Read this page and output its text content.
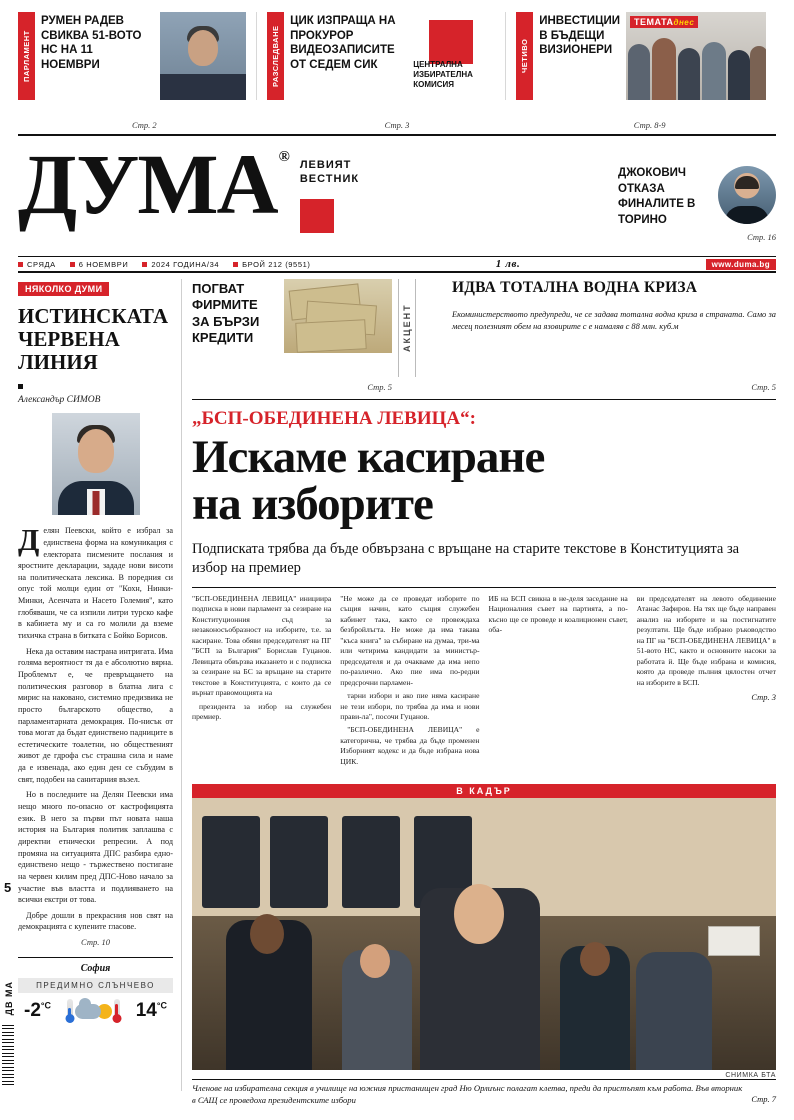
ПАРЛАМЕНТ
РУМЕН РАДЕВ СВИКВА 51-ВОТО НС НА 11 НОЕМВРИ	РАЗСЛЕДВАНЕ
ЦИК ИЗПРАЩА НА ПРОКУРОР ВИДЕОЗАПИСИТЕ ОТ СЕДЕМ СИК	ЦЕНТРАЛНА ИЗБИРАТЕЛНА КОМИСИЯ
ЧЕТИВО
ИНВЕСТИЦИИ В БЪДЕЩИ ВИЗИОНЕРИ
ТЕМАТАднес
Стр. 2	Стр. 3	Стр. 8-9
ДУМА ® ЛЕВИЯТ
ВЕСТНИК
ДЖОКОВИЧ ОТКАЗА ФИНАЛИТЕ В ТОРИНО
Стр. 16
СРЯДА	6 НОЕМВРИ	2024 ГОДИНА/34	БРОЙ 212 (9551)	1 лв.	www.duma.bg
НЯКОЛКО ДУМИ
ИСТИНСКАТА ЧЕРВЕНА ЛИНИЯ
Александър СИМОВ

Делян Пеевски, който е избрал за единствена форма на комуникация с електората писмените послания и яростните декларации, зададе нови висоти на политическата лексика. В поредния си опус той молци един от "Кохн, Нинки-Минки, Асенчата и Насето Големия", като глобяваши, че са изпили литри турско кафе в кабинета му и са го молили да вземе тихичка страна в битката с Бойко Борисов.

Нека да оставим настрана интригата. Има голяма вероятност тя да е абсолютно вярна. Проблемът е, че превръщането на политическия разговор в блатна лига с мирис на наковано, системно предизвика не просто българското общество, а парламентарната демокрация. По-нисък от това могат да бъдат единствено падниците в естетическите тоалетни, но общественият живот де гдрофа със страшна сила и наме да е извенада, ако един ден се събудим в свят, подобен на санитарния възел.

Но в последните на Делян Пеевски има нещо много по-опасно от кастрофицията език. В него за първи път новата наша история на България политик заплашва с директни етнически репресии. А под промяна на ситуацията ДПС разбира едно-единствено нещо - тържествено постигане на червен килим пред ДПС-Ново начало за участие във властта и подлияването на всички екстри от това.

Добре дошли в прекрасния нов свят на демокрацията с купените гласове.

Стр. 10
София
ПРЕДИМНО СЛЪНЧЕВО
$-2^{^\circ C}$	$14^{^\circ C}$
5
ДВ МА
ПОГВАТ ФИРМИТЕ ЗА БЪРЗИ КРЕДИТИ	АКЦЕНТ
ИДВА ТОТАЛНА ВОДНА КРИЗА

Екоминистерството предупреди, че се задава тотална водна криза в страната. Само за месец полезният обем на язовирите с е намаляв с 88 млн. куб.м

Стр. 5	Стр. 5
„БСП-ОБЕДИНЕНА ЛЕВИЦА“:
Искаме касиране
на изборите
Подписката трябва да бъде обвързана с връщане на старите текстове в Конституцията за избор на премиер

"БСП-ОБЕДИНЕНА ЛЕВИЦА" инициира подписка в нови парламент за сезиране на Конституционния съд за незаконосъобразност на изборите, т.е. за касиране. Това обяви председателят на ПГ "БСП за България" Борислав Гуцанов. Левицата обвързва иказането и с подписка за сезиране на БС за връщане на старите текстове в Конституцията, с които да се върнат правомощията на

президента за избор на служебен премиер.

"Не може да се проведат изборите по същия начин, като същия служебен кабинет така, както се провеждаха безбройлъгта. Не може да има такава "къса книга" за събиране на думаа, три-ма или четирима кандидати за министър-председателя и да очакваме да има непо по-различно. Ако пие има по-редни предсрочни парламен-

тарни избори и ако пие няма касиране не тези избори, по трябва да има и нови прави-ла", посочи Гуцанов.

"БСП-ОБЕДИНЕНА ЛЕВИЦА" е категорична, че трябва да бъде променен Изборният кодекс и да бъде избрана нова ЦИК.

ИБ на БСП свикна в не-деля заседание на Националния съвет на партията, а по-късно ще се проведе и коалиционен съвет, оба-

ви председателят на левото обединение Атанас Зафиров. На тях ще бъде направен анализ на изборите и на постигнатите резултати. Ще бъде избрано ръководство на ПГ на "БСП-ОБЕДИНЕНА ЛЕВИЦА" в 51-вото НС, както и основните насоки за работата й. Ще бъде избрана и комисия, която да проведе пълния цялостен отчет на изборите в БСП.

Стр. 3
В КАДЪР
СНИМКА БТА
Членове на избирателна секция в училище на южния пристанищен град Ню Орлиънс полагат клетва, преди да пристъпят към работа. Във вторник в САЩ се проведоха президентските избори	Стр. 7
